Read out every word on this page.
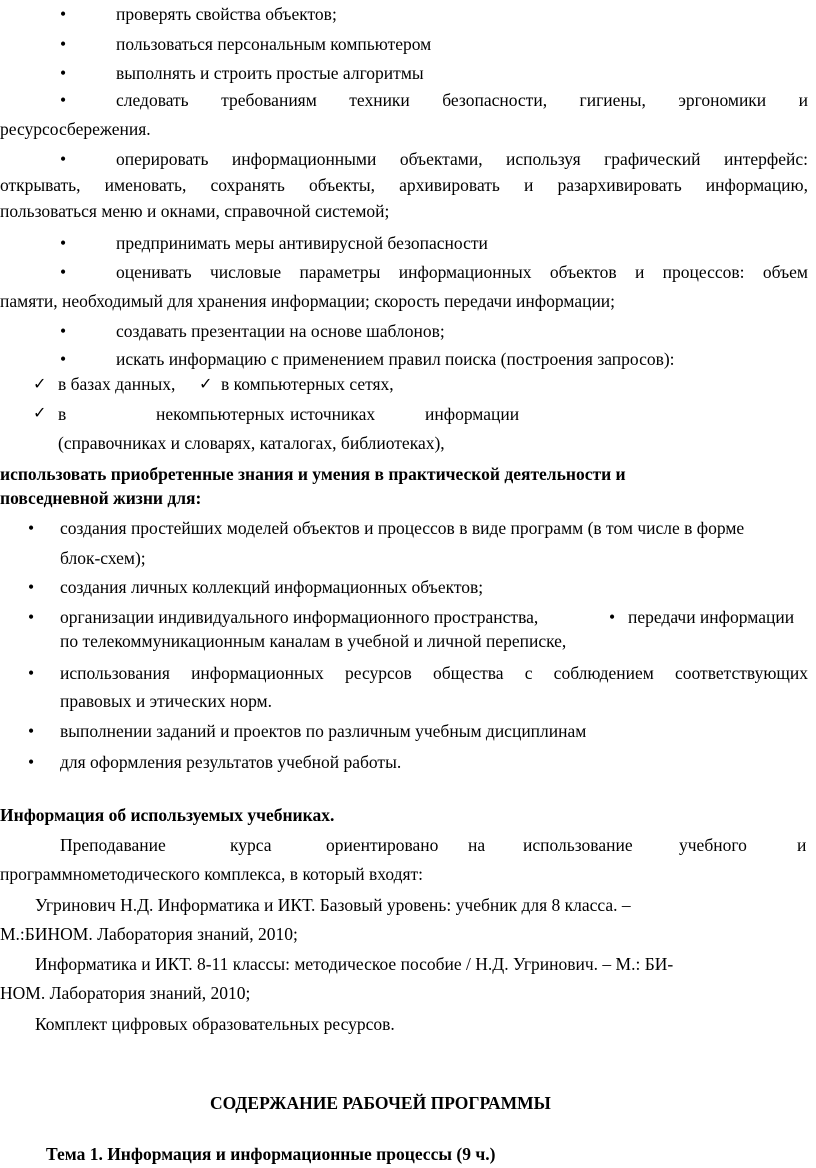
•	проверять свойства объектов;
•	пользоваться персональным компьютером
•	выполнять и строить простые алгоритмы
•	следовать требованиям техники безопасности, гигиены, эргономики и
ресурсосбережения.
•	оперировать информационными объектами, используя графический интерфейс:
открывать, именовать, сохранять объекты, архивировать и разархивировать информацию,
пользоваться меню и окнами, справочной системой;
•	предпринимать меры антивирусной безопасности
•	оценивать числовые параметры информационных объектов и процессов: объем
памяти, необходимый для хранения информации; скорость передачи информации;
•	создавать презентации на основе шаблонов;
•	искать информацию с применением правил поиска (построения запросов):
✓ в базах данных, ✓ в компьютерных сетях,
✓ в	некомпьютерных источниках	информации
(справочниках и словарях, каталогах, библиотеках),
использовать приобретенные знания и умения в практической деятельности и
повседневной жизни для:
• создания простейших моделей объектов и процессов в виде программ (в том числе в форме
блок-схем);
• создания личных коллекций информационных объектов;
• организации индивидуального информационного пространства,	• передачи информации
по телекоммуникационным каналам в учебной и личной переписке,
• использования информационных ресурсов общества с соблюдением соответствующих
правовых и этических норм.
• выполнении заданий и проектов по различным учебным дисциплинам
• для оформления результатов учебной работы.
Информация об используемых учебниках.
Преподавание	курса	ориентировано на использование	учебного	и
программнометодического комплекса, в который входят:
Угринович Н.Д. Информатика и ИКТ. Базовый уровень: учебник для 8 класса. –
М.:БИНОМ. Лаборатория знаний, 2010;
Информатика и ИКТ. 8-11 классы: методическое пособие / Н.Д. Угринович. – М.: БИ-
НОМ. Лаборатория знаний, 2010;
Комплект цифровых образовательных ресурсов.
СОДЕРЖАНИЕ РАБОЧЕЙ ПРОГРАММЫ
Тема 1. Информация и информационные процессы (9 ч.)
